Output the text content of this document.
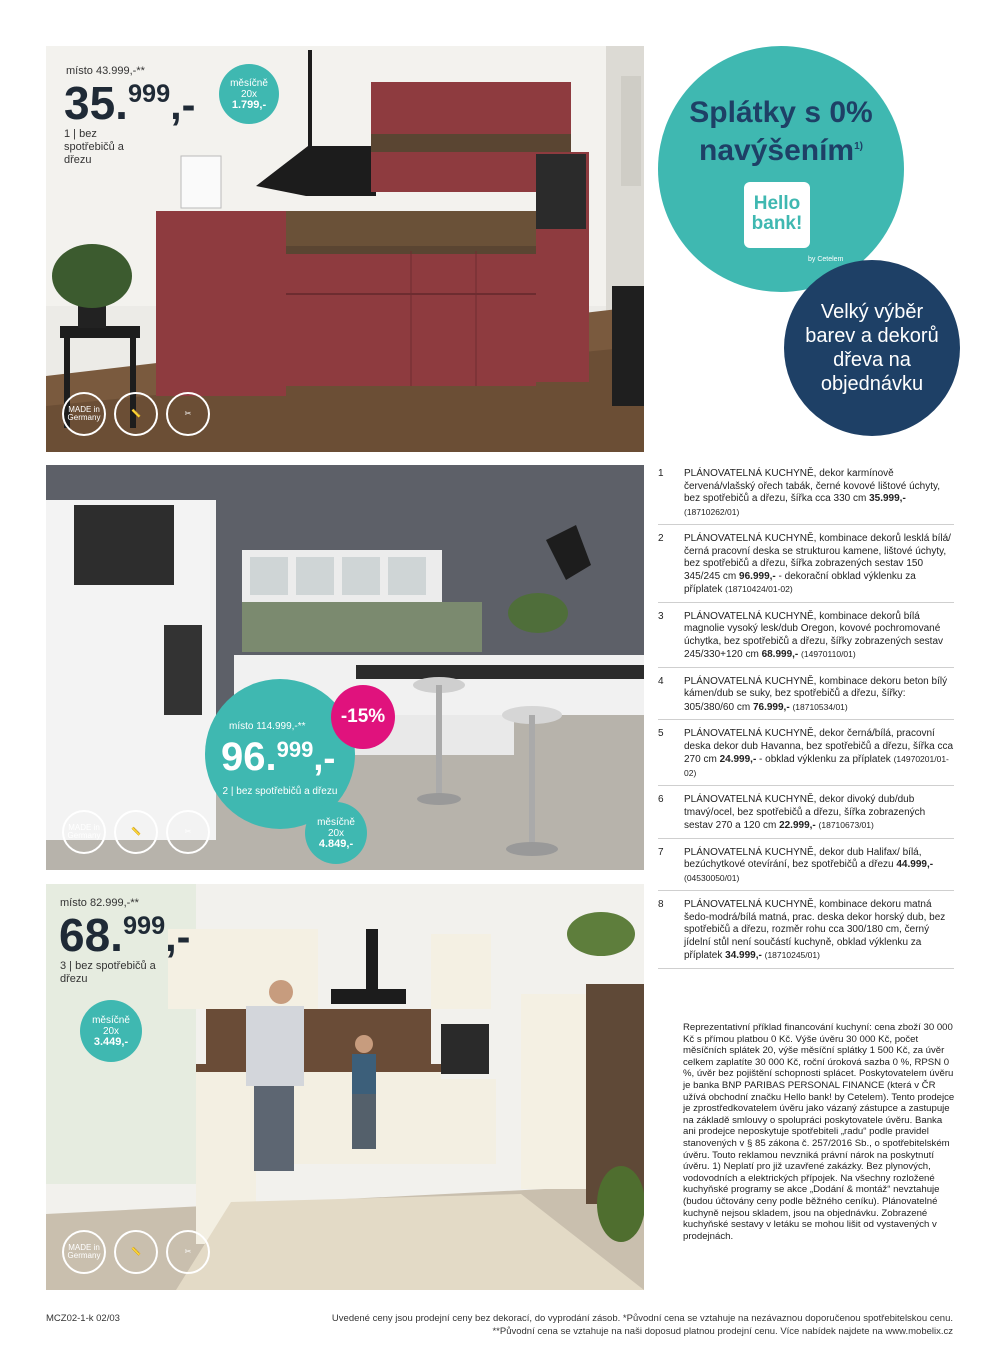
místo 43.999,-**
35.$^{999}$,-
1 | bez spotřebičů a dřezu
měsíčně
20x
1.799,-
MADE in Germany	📏	✂
Splátky s 0%
navýšením$^{1)}$
Hello
bank!
by Cetelem
Velký výběr barev a dekorů dřeva na objednávku
místo 114.999,-**
96.$^{999}$,-
2 | bez spotřebičů a dřezu
-15%
měsíčně
20x
4.849,-
MADE in Germany	📏	✂
místo 82.999,-**
68.$^{999}$,-
3 | bez spotřebičů a dřezu
měsíčně
20x
3.449,-
MADE in Germany	📏	✂
1	PLÁNOVATELNÁ KUCHYNĚ, dekor karmínově červená/vlašský ořech tabák, černé kovové lištové úchyty, bez spotřebičů a dřezu, šířka cca 330 cm 35.999,- (18710262/01)
2	PLÁNOVATELNÁ KUCHYNĚ, kombinace dekorů lesklá bílá/černá pracovní deska se strukturou kamene, lištové úchyty, bez spotřebičů a dřezu, šířka zobrazených sestav 150 345/245 cm 96.999,- - dekorační obklad výklenku za příplatek (18710424/01-02)
3	PLÁNOVATELNÁ KUCHYNĚ, kombinace dekorů bílá magnolie vysoký lesk/dub Oregon, kovové pochromované úchytka, bez spotřebičů a dřezu, šířky zobrazených sestav 245/330+120 cm 68.999,- (14970110/01)
4	PLÁNOVATELNÁ KUCHYNĚ, kombinace dekoru beton bílý kámen/dub se suky, bez spotřebičů a dřezu, šířky: 305/380/60 cm 76.999,- (18710534/01)
5	PLÁNOVATELNÁ KUCHYNĚ, dekor černá/bílá, pracovní deska dekor dub Havanna, bez spotřebičů a dřezu, šířka cca 270 cm 24.999,- - obklad výklenku za příplatek (14970201/01-02)
6	PLÁNOVATELNÁ KUCHYNĚ, dekor divoký dub/dub tmavý/ocel, bez spotřebičů a dřezu, šířka zobrazených sestav 270 a 120 cm 22.999,- (18710673/01)
7	PLÁNOVATELNÁ KUCHYNĚ, dekor dub Halifax/ bílá, bezúchytkové otevírání, bez spotřebičů a dřezu 44.999,- (04530050/01)
8	PLÁNOVATELNÁ KUCHYNĚ, kombinace dekoru matná šedo-modrá/bílá matná, prac. deska dekor horský dub, bez spotřebičů a dřezu, rozměr rohu cca 300/180 cm, černý jídelní stůl není součástí kuchyně, obklad výklenku za příplatek 34.999,- (18710245/01)
Reprezentativní příklad financování kuchyní: cena zboží 30 000 Kč s přímou platbou 0 Kč. Výše úvěru 30 000 Kč, počet měsíčních splátek 20, výše měsíční splátky 1 500 Kč, za úvěr celkem zaplatíte 30 000 Kč, roční úroková sazba 0 %, RPSN 0 %, úvěr bez pojištění schopnosti splácet. Poskytovatelem úvěru je banka BNP PARIBAS PERSONAL FINANCE (která v ČR užívá obchodní značku Hello bank! by Cetelem). Tento prodejce je zprostředkovatelem úvěru jako vázaný zástupce a zastupuje na základě smlouvy o spolupráci poskytovatele úvěru. Banka ani prodejce neposkytuje spotřebiteli „radu“ podle pravidel stanovených v § 85 zákona č. 257/2016 Sb., o spotřebitelském úvěru. Touto reklamou nevzniká právní nárok na poskytnutí úvěru. 1) Neplatí pro již uzavřené zakázky. Bez plynových, vodovodních a elektrických přípojek. Na všechny rozložené kuchyňské programy se akce „Dodání & montáž“ nevztahuje (budou účtovány ceny podle běžného ceníku). Plánovatelné kuchyně nejsou skladem, jsou na objednávku. Zobrazené kuchyňské sestavy v letáku se mohou lišit od vystavených v prodejnách.
MCZ02-1-k 02/03	Uvedené ceny jsou prodejní ceny bez dekorací, do vyprodání zásob. *Původní cena se vztahuje na nezávaznou doporučenou spotřebitelskou cenu.
**Původní cena se vztahuje na naši doposud platnou prodejní cenu. Více nabídek najdete na www.mobelix.cz
